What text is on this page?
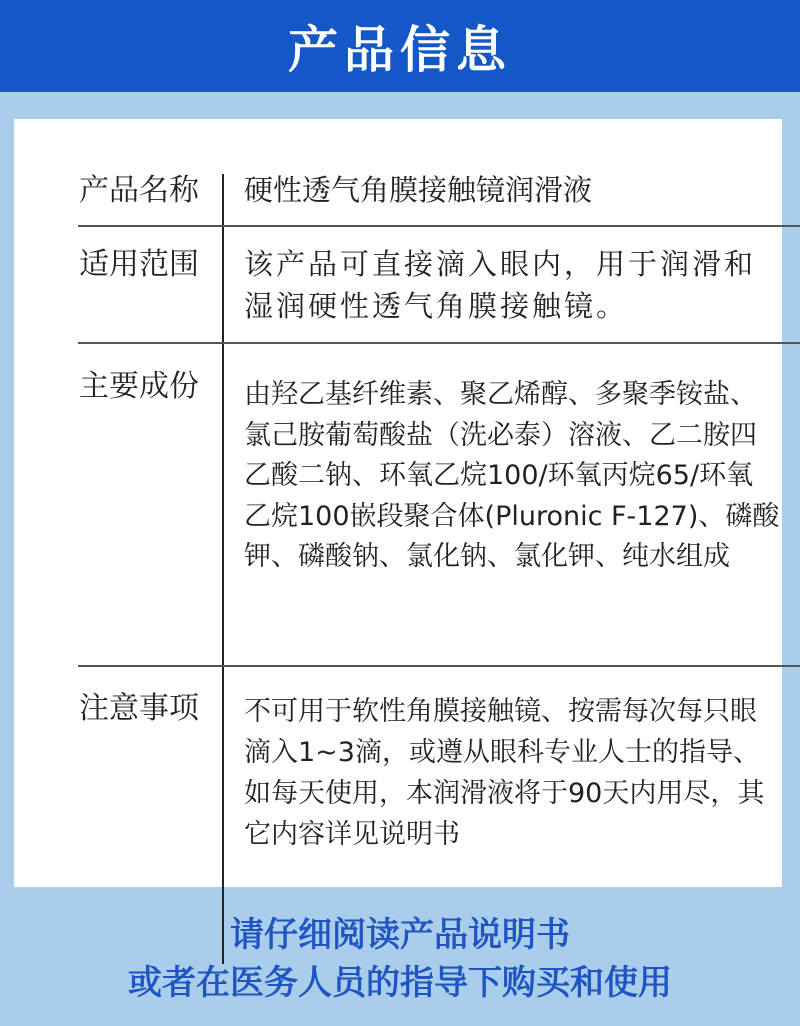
产品信息
产品名称	硬性透气角膜接触镜润滑液
适用范围	该产品可直接滴入眼内，用于润滑和湿润硬性透气角膜接触镜。
主要成份	由羟乙基纤维素、聚乙烯醇、多聚季铵盐、氯己胺葡萄酸盐（洗必泰）溶液、乙二胺四乙酸二钠、环氧乙烷100/环氧丙烷65/环氧乙烷100嵌段聚合体(Pluronic F-127)、磷酸钾、磷酸钠、氯化钠、氯化钾、纯水组成
注意事项	不可用于软性角膜接触镜、按需每次每只眼滴入1~3滴，或遵从眼科专业人士的指导、如每天使用，本润滑液将于90天内用尽，其它内容详见说明书
请仔细阅读产品说明书
或者在医务人员的指导下购买和使用
